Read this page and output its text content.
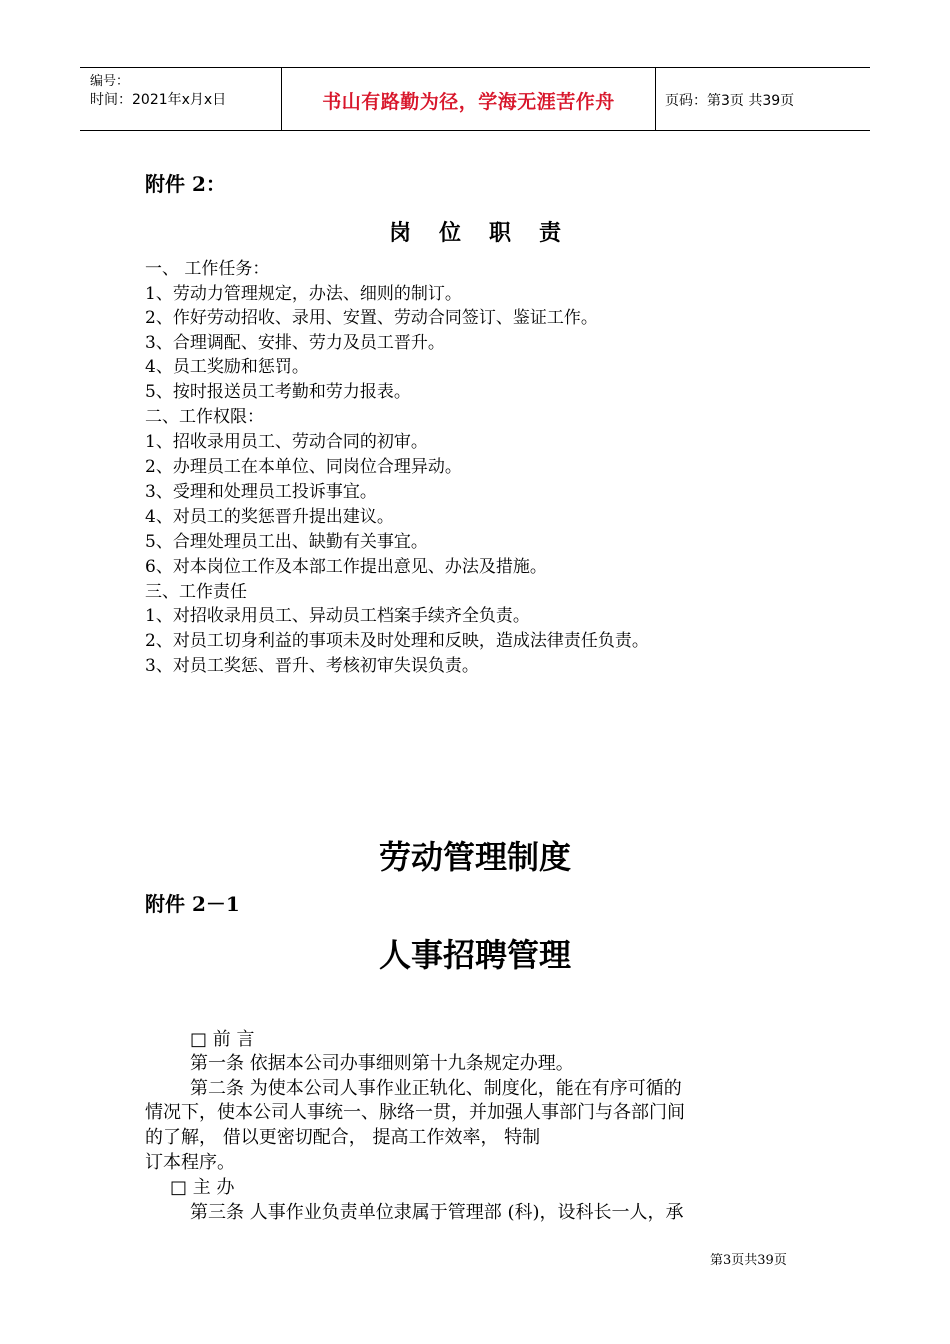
编号：
时间：2021年x月x日	书山有路勤为径，学海无涯苦作舟	页码：第3页 共39页
附件 2：
岗位职责
一、 工作任务：
1、劳动力管理规定，办法、细则的制订。
2、作好劳动招收、录用、安置、劳动合同签订、鉴证工作。
3、合理调配、安排、劳力及员工晋升。
4、员工奖励和惩罚。
5、按时报送员工考勤和劳力报表。
二、工作权限：
1、招收录用员工、劳动合同的初审。
2、办理员工在本单位、同岗位合理异动。
3、受理和处理员工投诉事宜。
4、对员工的奖惩晋升提出建议。
5、合理处理员工出、缺勤有关事宜。
6、对本岗位工作及本部工作提出意见、办法及措施。
三、工作责任
1、对招收录用员工、异动员工档案手续齐全负责。
2、对员工切身利益的事项未及时处理和反映，造成法律责任负责。
3、对员工奖惩、晋升、考核初审失误负责。
劳动管理制度
附件 2－1
人事招聘管理
□ 前 言
第一条 依据本公司办事细则第十九条规定办理。
第二条 为使本公司人事作业正轨化、制度化，能在有序可循的
情况下，使本公司人事统一、脉络一贯，并加强人事部门与各部门间
的了解， 借以更密切配合， 提高工作效率， 特制
订本程序。
□ 主 办
第三条 人事作业负责单位隶属于管理部 (科)，设科长一人，承
第3页共39页
